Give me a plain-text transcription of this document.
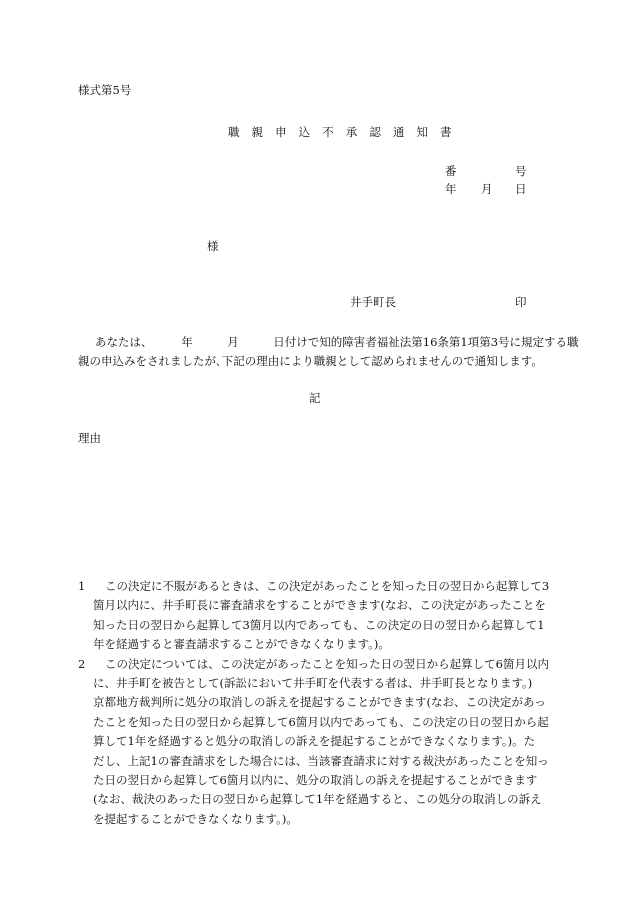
様式第5号
職 親 申 込 不 承 認 通 知 書
番	号
年 月 日
様
井手町長	印

あなたは、　　　年　　　月　　　日付けで知的障害者福祉法第16条第1項第3号に規定する職

親の申込みをされましたが､下記の理由により職親として認められませんので通知します。

記
理由
1	この決定に不服があるときは、この決定があったことを知った日の翌日から起算して3
箇月以内に、井手町長に審査請求をすることができます(なお、この決定があったことを
知った日の翌日から起算して3箇月以内であっても、この決定の日の翌日から起算して1
年を経過すると審査請求することができなくなります。)。
2	この決定については、この決定があったことを知った日の翌日から起算して6箇月以内
に、井手町を被告として(訴訟において井手町を代表する者は、井手町長となります。)
京都地方裁判所に処分の取消しの訴えを提起することができます(なお、この決定があっ
たことを知った日の翌日から起算して6箇月以内であっても、この決定の日の翌日から起
算して1年を経過すると処分の取消しの訴えを提起することができなくなります。)。た
だし、上記1の審査請求をした場合には、当該審査請求に対する裁決があったことを知っ
た日の翌日から起算して6箇月以内に、処分の取消しの訴えを提起することができます
(なお、裁決のあった日の翌日から起算して1年を経過すると、この処分の取消しの訴え
を提起することができなくなります。)。
